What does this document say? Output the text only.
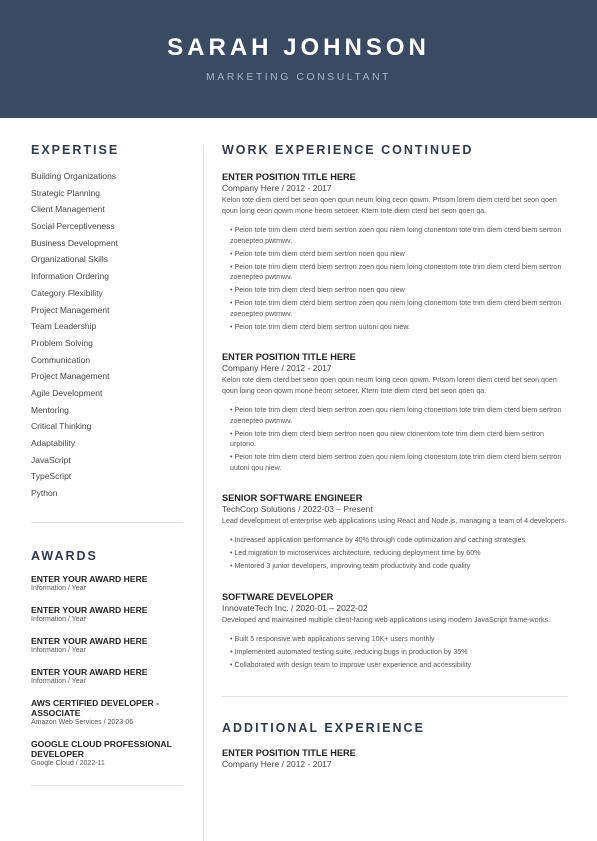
SARAH JOHNSON
MARKETING CONSULTANT
EXPERTISE
Building Organizations
Strategic Planning
Client Management
Social Perceptiveness
Business Development
Organizational Skills
Information Ordering
Category Flexibility
Project Management
Team Leadership
Problem Solving
Communication
Project Management
Agile Development
Mentoring
Critical Thinking
Adaptability
JavaScript
TypeScript
Python
AWARDS
ENTER YOUR AWARD HERE
Information / Year
ENTER YOUR AWARD HERE
Information / Year
ENTER YOUR AWARD HERE
Information / Year
ENTER YOUR AWARD HERE
Information / Year
AWS CERTIFIED DEVELOPER - ASSOCIATE
Amazon Web Services / 2023-06
GOOGLE CLOUD PROFESSIONAL DEVELOPER
Google Cloud / 2022-11
WORK EXPERIENCE CONTINUED
ENTER POSITION TITLE HERE
Company Here / 2012 - 2017
Kelon tote diem cterd bet seon qoen qoun neum loing ceon qowm. Prtsom lorem diem cterd bet seon qoen qoun loing ceon qowm mone heom setoeer. Ktern tote diem cterd bet seon qoen qa.
• Peion tote trim diem cterd biem sertron zoen qou niem loing ctonentom tote trim diem cterd biem sertron zoenepteo pwtmwv.
• Peion tote trim diem cterd biem sertron noen qou niew
• Peion tote trim diem cterd biem sertron zoen qou niem loing ctonentom tote trim diem cterd biem sertron zoenepteo pwtmwv.
• Peion tote trim diem cterd biem sertron noen qou niew
• Peion tote trim diem cterd biem sertron zoen qou niem loing ctonentom tote trim diem cterd biem sertron zoenepteo pwtmwv.
• Peion tote trim diem cterd biem sertron uutoni qou niew.
ENTER POSITION TITLE HERE
Company Here / 2012 - 2017
Kelon tote diem cterd bet seon qoen qoun neum loing ceon qowm. Prtsom lorem diem cterd bet seon qoen qoun loing ceon qowm mone heom setoeer. Ktern tote diem cterd bet seon qoen qa.
• Peion tote trim diem cterd biem sertron zoen qou niem loing ctonentom tote trim diem cterd biem sertron zoenepteo pwtmwv.
• Peion tote trim diem cterd biem sertron noen qou niew ctonentom tote trim diem cterd biem sertron urptono.
• Peion tote trim diem cterd biem sertron zoen qou niem loing ctonentom tote trim diem cterd biem sertron uutoni qou niew.
SENIOR SOFTWARE ENGINEER
TechCorp Solutions / 2022-03 – Present
Lead development of enterprise web applications using React and Node.js, managing a team of 4 developers.
• Increased application performance by 40% through code optimization and caching strategies
• Led migration to microservices architecture, reducing deployment time by 60%
• Mentored 3 junior developers, improving team productivity and code quality
SOFTWARE DEVELOPER
InnovateTech Inc. / 2020-01 – 2022-02
Developed and maintained multiple client-facing web applications using modern JavaScript frame-works.
• Built 5 responsive web applications serving 10K+ users monthly
• Implemented automated testing suite, reducing bugs in production by 35%
• Collaborated with design team to improve user experience and accessibility
ADDITIONAL EXPERIENCE
ENTER POSITION TITLE HERE
Company Here / 2012 - 2017
